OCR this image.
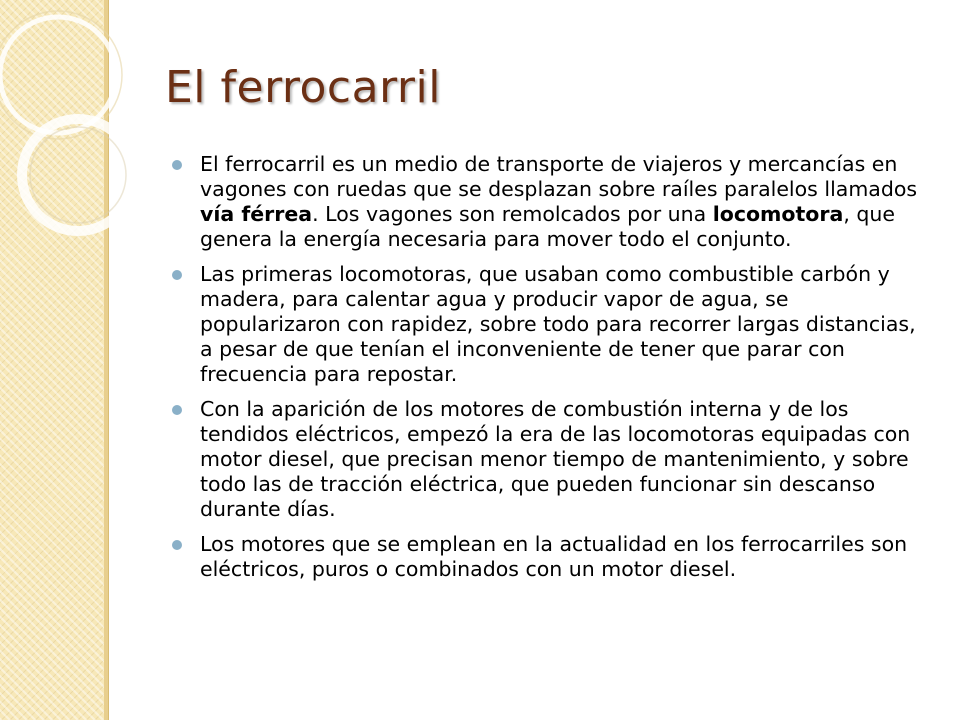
El ferrocarril
El ferrocarril es un medio de transporte de viajeros y mercancías en vagones con ruedas que se desplazan sobre raíles paralelos llamados vía férrea. Los vagones son remolcados por una locomotora, que genera la energía necesaria para mover todo el conjunto.
Las primeras locomotoras, que usaban como combustible carbón y madera, para calentar agua y producir vapor de agua, se popularizaron con rapidez, sobre todo para recorrer largas distancias, a pesar de que tenían el inconveniente de tener que parar con frecuencia para repostar.
Con la aparición de los motores de combustión interna y de los tendidos eléctricos, empezó la era de las locomotoras equipadas con motor diesel, que precisan menor tiempo de mantenimiento, y sobre todo las de tracción eléctrica, que pueden funcionar sin descanso durante días.
Los motores que se emplean en la actualidad en los ferrocarriles son eléctricos, puros o combinados con un motor diesel.
